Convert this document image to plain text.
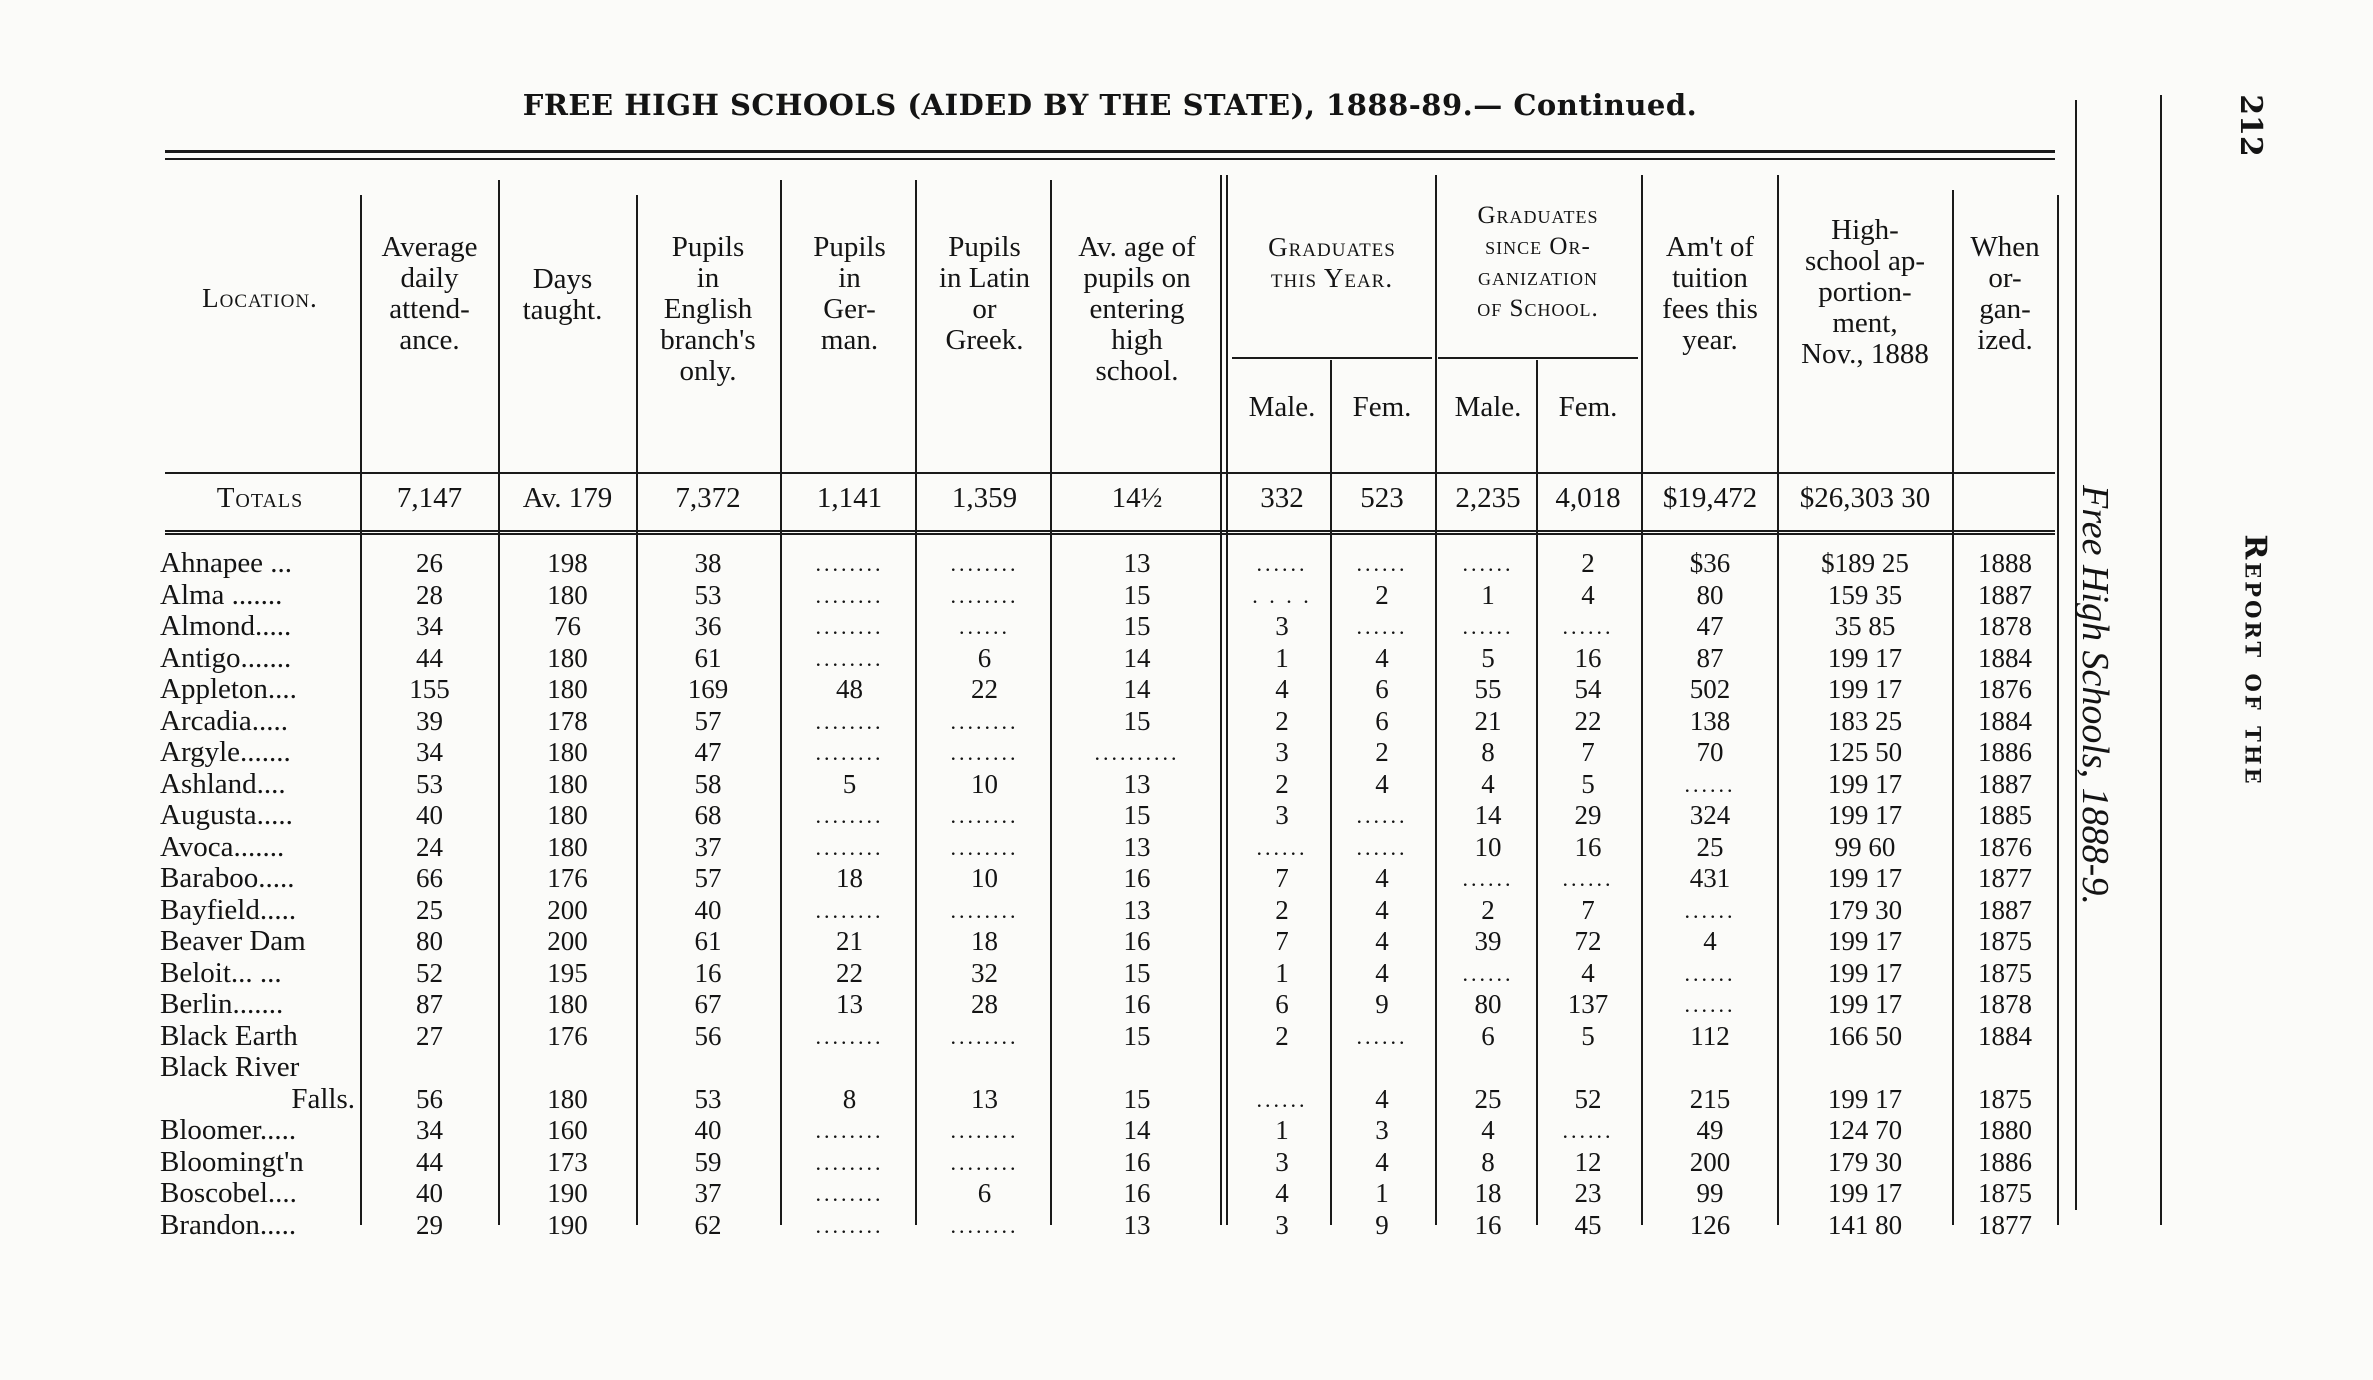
FREE HIGH SCHOOLS (AIDED BY THE STATE), 1888-89.— Continued.
Location.
Average
daily
attend-
ance.
Days
taught.
Pupils
in
English
branch's
only.
Pupils
in
Ger-
man.
Pupils
in Latin
or
Greek.
Av. age of
pupils on
entering
high
school.
Graduates
this Year.
Graduates
since Or-
ganization
of School.
Male.	Fem.	Male.	Fem.
Am't of
tuition
fees this
year.
High-
school ap-
portion-
ment,
Nov., 1888
When
or-
gan-
ized.
Totals	7,147	Av. 179	7,372	1,141	1,359	14½	332	523	2,235	4,018	$19,472	$26,303 30
Ahnapee ...	26	198	38	........	........	13	......	......	......	2	$36	$189 25	1888
Alma .......	28	180	53	........	........	15	. . . .	2	1	4	80	159 35	1887
Almond.....	34	76	36	........	......	15	3	......	......	......	47	35 85	1878
Antigo.......	44	180	61	........	6	14	1	4	5	16	87	199 17	1884
Appleton....	155	180	169	48	22	14	4	6	55	54	502	199 17	1876
Arcadia.....	39	178	57	........	........	15	2	6	21	22	138	183 25	1884
Argyle.......	34	180	47	........	........	..........	3	2	8	7	70	125 50	1886
Ashland....	53	180	58	5	10	13	2	4	4	5	......	199 17	1887
Augusta.....	40	180	68	........	........	15	3	......	14	29	324	199 17	1885
Avoca.......	24	180	37	........	........	13	......	......	10	16	25	99 60	1876
Baraboo.....	66	176	57	18	10	16	7	4	......	......	431	199 17	1877
Bayfield.....	25	200	40	........	........	13	2	4	2	7	......	179 30	1887
Beaver Dam	80	200	61	21	18	16	7	4	39	72	4	199 17	1875
Beloit... ...	52	195	16	22	32	15	1	4	......	4	......	199 17	1875
Berlin.......	87	180	67	13	28	16	6	9	80	137	......	199 17	1878
Black Earth	27	176	56	........	........	15	2	......	6	5	112	166 50	1884
Black River
Falls.	56	180	53	8	13	15	......	4	25	52	215	199 17	1875
Bloomer.....	34	160	40	........	........	14	1	3	4	......	49	124 70	1880
Bloomingt'n	44	173	59	........	........	16	3	4	8	12	200	179 30	1886
Boscobel....	40	190	37	........	6	16	4	1	18	23	99	199 17	1875
Brandon.....	29	190	62	........	........	13	3	9	16	45	126	141 80	1877
Free High Schools, 1888-9.	Report of the
212
